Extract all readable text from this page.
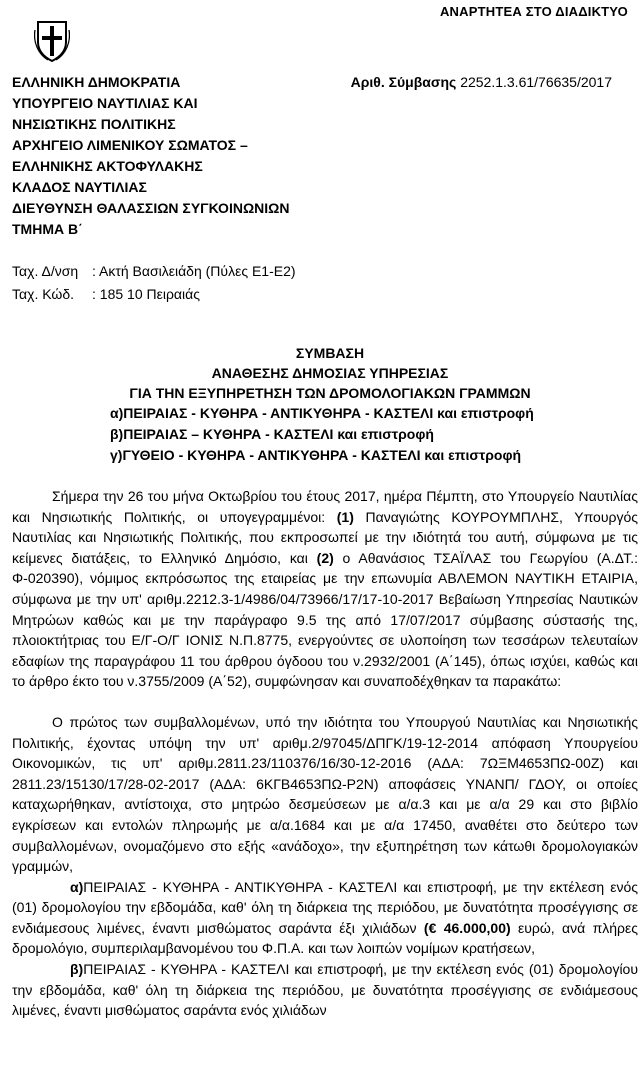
ΑΝΑΡΤΗΤΕΑ ΣΤΟ ΔΙΑΔΙΚΤΥΟ
ΕΛΛΗΝΙΚΗ ΔΗΜΟΚΡΑΤΙΑ
ΥΠΟΥΡΓΕΙΟ ΝΑΥΤΙΛΙΑΣ ΚΑΙ
ΝΗΣΙΩΤΙΚΗΣ ΠΟΛΙΤΙΚΗΣ
ΑΡΧΗΓΕΙΟ ΛΙΜΕΝΙΚΟΥ ΣΩΜΑΤΟΣ –
ΕΛΛΗΝΙΚΗΣ ΑΚΤΟΦΥΛΑΚΗΣ
ΚΛΑΔΟΣ ΝΑΥΤΙΛΙΑΣ
ΔΙΕΥΘΥΝΣΗ ΘΑΛΑΣΣΙΩΝ ΣΥΓΚΟΙΝΩΝΙΩΝ
ΤΜΗΜΑ Β΄
Αριθ. Σύμβασης 2252.1.3.61/76635/2017
Ταχ. Δ/νση : Ακτή Βασιλειάδη (Πύλες Ε1-Ε2)
Ταχ. Κώδ.	: 185 10 Πειραιάς
ΣΥΜΒΑΣΗ
ΑΝΑΘΕΣΗΣ ΔΗΜΟΣΙΑΣ ΥΠΗΡΕΣΙΑΣ
ΓΙΑ ΤΗΝ ΕΞΥΠΗΡΕΤΗΣΗ ΤΩΝ ΔΡΟΜΟΛΟΓΙΑΚΩΝ ΓΡΑΜΜΩΝ
α)ΠΕΙΡΑΙΑΣ - ΚΥΘΗΡΑ - ΑΝΤΙΚΥΘΗΡΑ - ΚΑΣΤΕΛΙ και επιστροφή
β)ΠΕΙΡΑΙΑΣ – ΚΥΘΗΡΑ - ΚΑΣΤΕΛΙ και επιστροφή
γ)ΓΥΘΕΙΟ - ΚΥΘΗΡΑ - ΑΝΤΙΚΥΘΗΡΑ - ΚΑΣΤΕΛΙ και επιστροφή

Σήμερα την 26 του μήνα Οκτωβρίου του έτους 2017, ημέρα Πέμπτη, στο Υπουργείο Ναυτιλίας και Νησιωτικής Πολιτικής, οι υπογεγραμμένοι: (1) Παναγιώτης ΚΟΥΡΟΥΜΠΛΗΣ, Υπουργός Ναυτιλίας και Νησιωτικής Πολιτικής, που εκπροσωπεί με την ιδιότητά του αυτή, σύμφωνα με τις κείμενες διατάξεις, το Ελληνικό Δημόσιο, και (2) ο Αθανάσιος ΤΣΑΪΛΑΣ του Γεωργίου (Α.ΔΤ.: Φ-020390), νόμιμος εκπρόσωπος της εταιρείας με την επωνυμία ΑΒΛΕΜΟΝ ΝΑΥΤΙΚΗ ΕΤΑΙΡΙΑ, σύμφωνα με την υπ' αριθμ.2212.3-1/4986/04/73966/17/17-10-2017 Βεβαίωση Υπηρεσίας Ναυτικών Μητρώων καθώς και με την παράγραφο 9.5 της από 17/07/2017 σύμβασης σύστασής της, πλοιοκτήτριας του Ε/Γ-Ο/Γ ΙΟΝΙΣ Ν.Π.8775, ενεργούντες σε υλοποίηση των τεσσάρων τελευταίων εδαφίων της παραγράφου 11 του άρθρου όγδοου του ν.2932/2001 (Α΄145), όπως ισχύει, καθώς και το άρθρο έκτο του ν.3755/2009 (Α΄52), συμφώνησαν και συναποδέχθηκαν τα παρακάτω:

Ο πρώτος των συμβαλλομένων, υπό την ιδιότητα του Υπουργού Ναυτιλίας και Νησιωτικής Πολιτικής, έχοντας υπόψη την υπ' αριθμ.2/97045/ΔΠΓΚ/19-12-2014 απόφαση Υπουργείου Οικονομικών, τις υπ' αριθμ.2811.23/110376/16/30-12-2016 (ΑΔΑ: 7ΩΞΜ4653ΠΩ-00Ζ) και 2811.23/15130/17/28-02-2017 (ΑΔΑ: 6ΚΓΒ4653ΠΩ-Ρ2Ν) αποφάσεις ΥΝΑΝΠ/ ΓΔΟΥ, οι οποίες καταχωρήθηκαν, αντίστοιχα, στο μητρώο δεσμεύσεων με α/α.3 και με α/α 29 και στο βιβλίο εγκρίσεων και εντολών πληρωμής με α/α.1684 και με α/α 17450, αναθέτει στο δεύτερο των συμβαλλομένων, ονομαζόμενο στο εξής «ανάδοχο», την εξυπηρέτηση των κάτωθι δρομολογιακών γραμμών,

α)ΠΕΙΡΑΙΑΣ - ΚΥΘΗΡΑ - ΑΝΤΙΚΥΘΗΡΑ - ΚΑΣΤΕΛΙ και επιστροφή, με την εκτέλεση ενός (01) δρομολογίου την εβδομάδα, καθ' όλη τη διάρκεια της περιόδου, με δυνατότητα προσέγγισης σε ενδιάμεσους λιμένες, έναντι μισθώματος σαράντα έξι χιλιάδων (€ 46.000,00) ευρώ, ανά πλήρες δρομολόγιο, συμπεριλαμβανομένου του Φ.Π.Α. και των λοιπών νομίμων κρατήσεων,

β)ΠΕΙΡΑΙΑΣ - ΚΥΘΗΡΑ - ΚΑΣΤΕΛΙ και επιστροφή, με την εκτέλεση ενός (01) δρομολογίου την εβδομάδα, καθ' όλη τη διάρκεια της περιόδου, με δυνατότητα προσέγγισης σε ενδιάμεσους λιμένες, έναντι μισθώματος σαράντα ενός χιλιάδων
